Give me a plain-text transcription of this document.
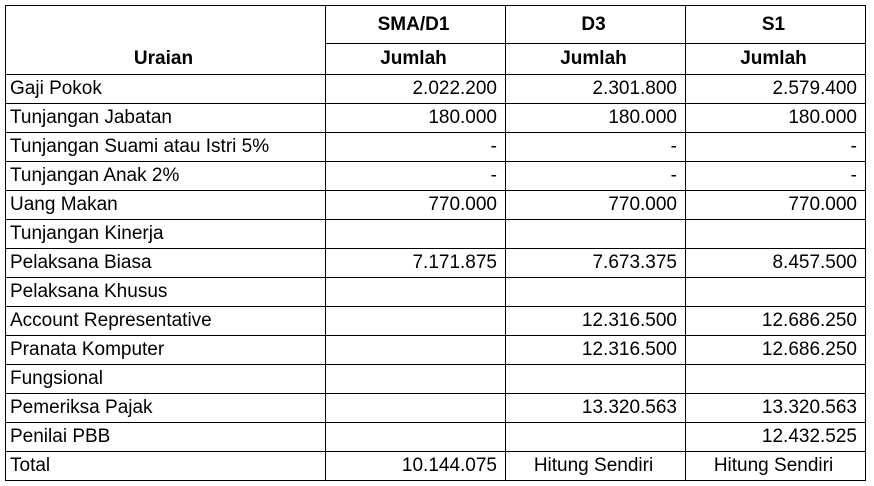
	SMA/D1	D3	S1
Uraian	Jumlah	Jumlah	Jumlah
Gaji Pokok	2.022.200	2.301.800	2.579.400
Tunjangan Jabatan	180.000	180.000	180.000
Tunjangan Suami atau Istri 5%	-	-	-
Tunjangan Anak 2%	-	-	-
Uang Makan	770.000	770.000	770.000
Tunjangan Kinerja			
Pelaksana Biasa	7.171.875	7.673.375	8.457.500
Pelaksana Khusus			
Account Representative		12.316.500	12.686.250
Pranata Komputer		12.316.500	12.686.250
Fungsional			
Pemeriksa Pajak		13.320.563	13.320.563
Penilai PBB			12.432.525
Total	10.144.075	Hitung Sendiri	Hitung Sendiri
